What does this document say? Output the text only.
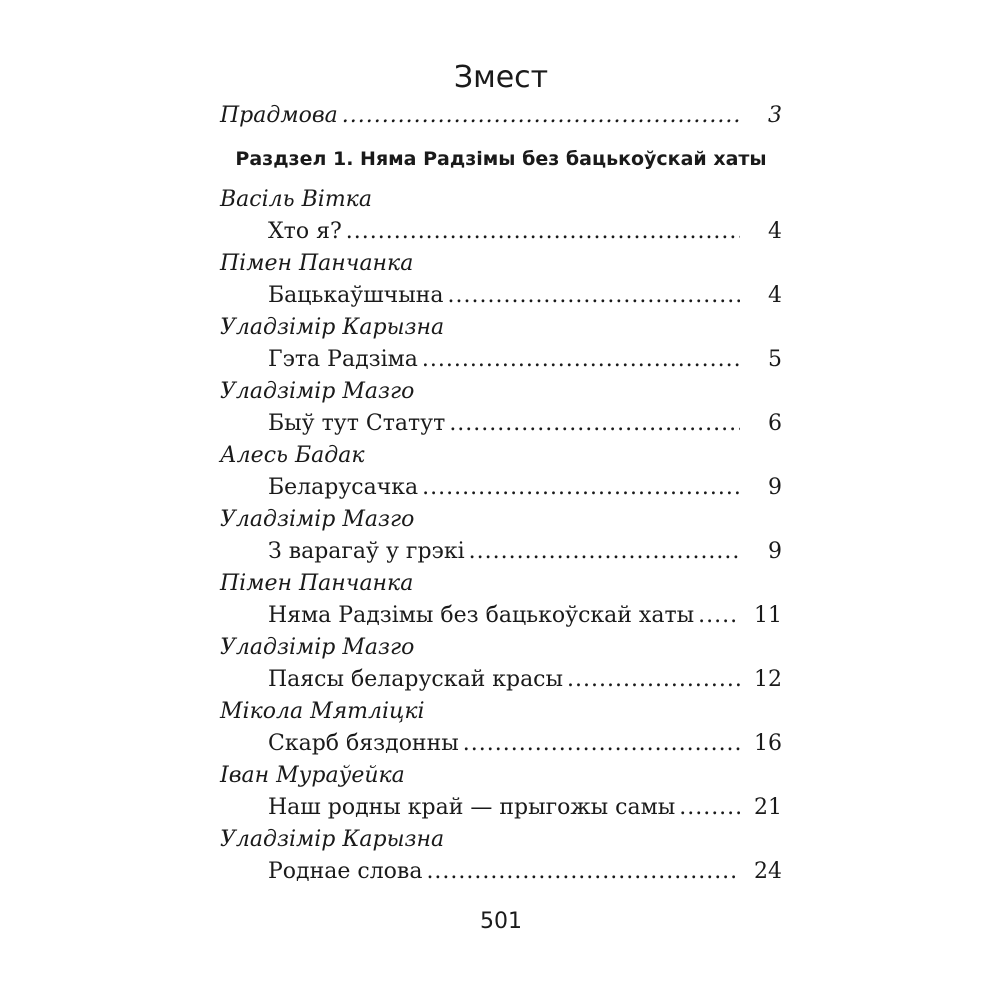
Змест
Прадмова .....	3
Раздзел 1. Няма Радзімы без бацькоўскай хаты
Васіль Вітка
Хто я? .....	4
Пімен Панчанка
Бацькаўшчына .....	4
Уладзімір Карызна
Гэта Радзіма .....	5
Уладзімір Мазго
Быў тут Статут .....	6
Алесь Бадак
Беларусачка .....	9
Уладзімір Мазго
З варагаў у грэкі .....	9
Пімен Панчанка
Няма Радзімы без бацькоўскай хаты .....	11
Уладзімір Мазго
Паясы беларускай красы .....	12
Мікола Мятліцкі
Скарб бяздонны .....	16
Іван Мураўейка
Наш родны край — прыгожы самы .....	21
Уладзімір Карызна
Роднае слова .....	24
501
